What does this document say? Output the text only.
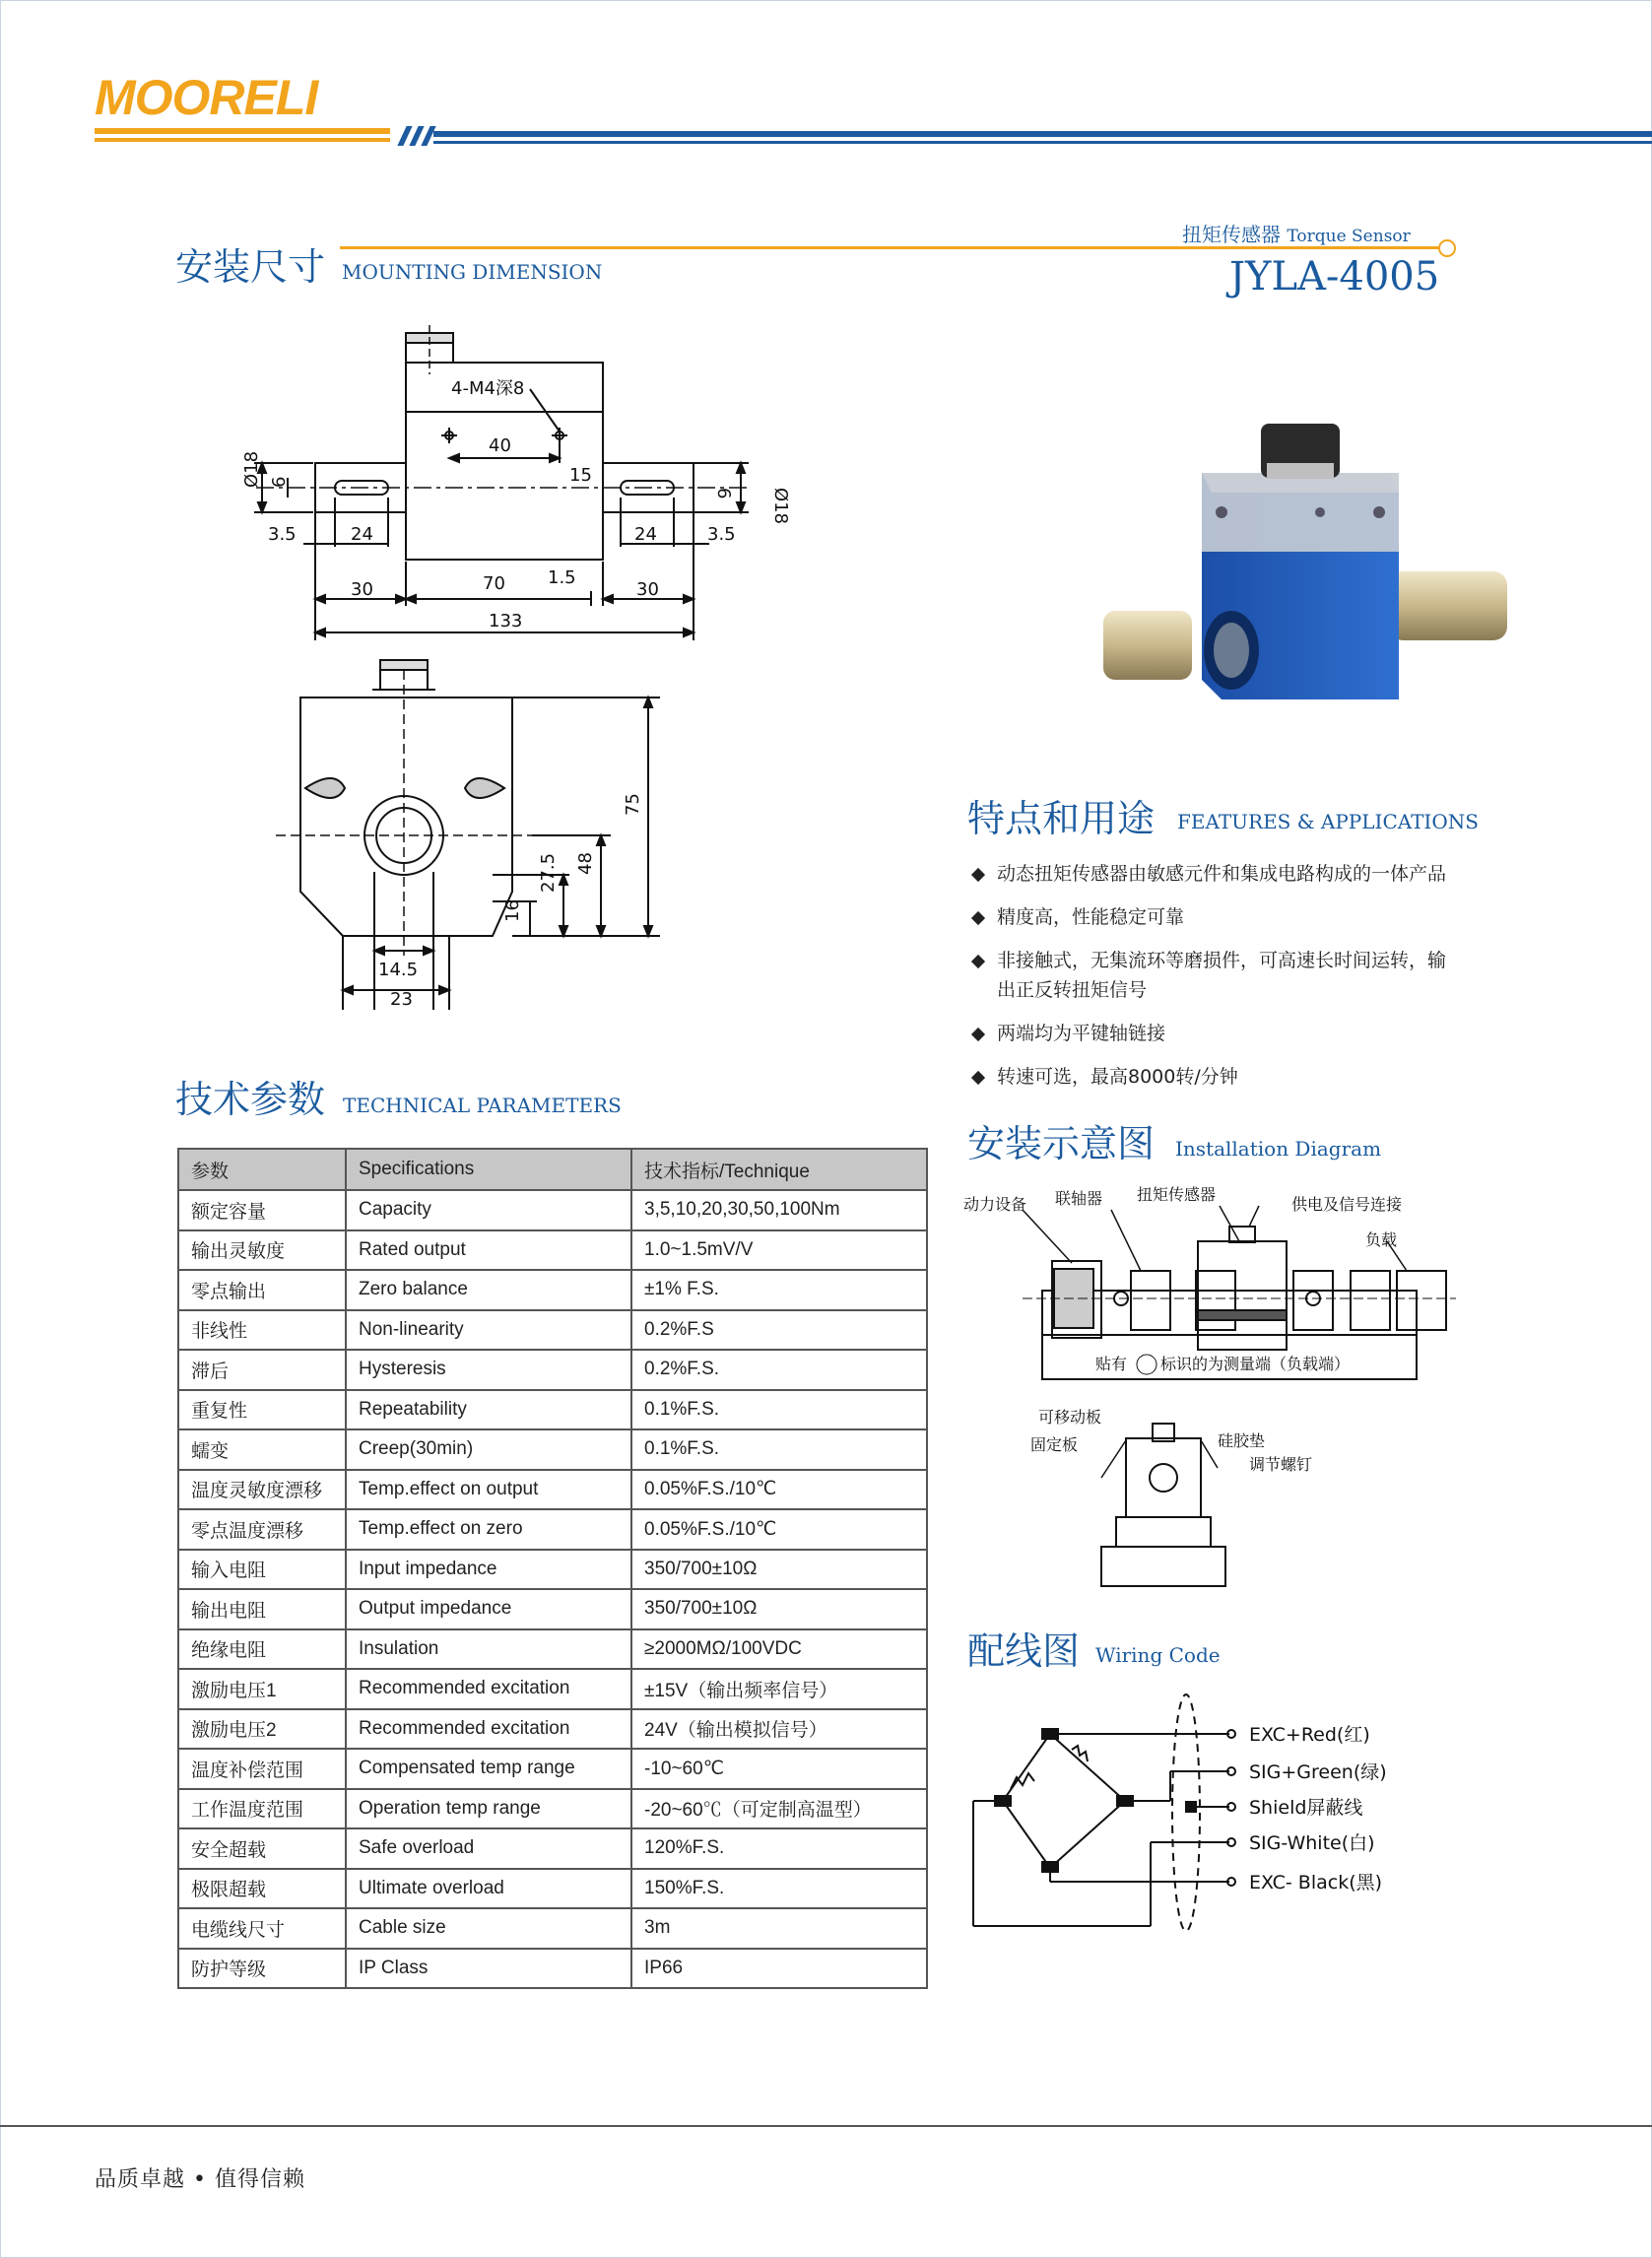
MOORELI
安装尺寸 MOUNTING DIMENSION
扭矩传感器 Torque Sensor
JYLA-4005
4-M4深8
40
15
Ø18 6
Ø18
6
3.5	24	24	3.5
30	70 1.5
30
133
75
48
27.5
16
14.5
23
特点和用途 FEATURES & APPLICATIONS
动态扭矩传感器由敏感元件和集成电路构成的一体产品
精度高，性能稳定可靠
非接触式，无集流环等磨损件，可高速长时间运转，输
出正反转扭矩信号
两端均为平键轴链接
转速可选，最高8000转/分钟
技术参数 TECHNICAL PARAMETERS
参数	Specifications	技术指标/Technique
额定容量	Capacity	3,5,10,20,30,50,100Nm
输出灵敏度	Rated output	1.0~1.5mV/V
零点输出	Zero balance	±1% F.S.
非线性	Non-linearity	0.2%F.S
滞后	Hysteresis	0.2%F.S.
重复性	Repeatability	0.1%F.S.
蠕变	Creep(30min)	0.1%F.S.
温度灵敏度漂移	Temp.effect on output	0.05%F.S./10℃
零点温度漂移	Temp.effect on zero	0.05%F.S./10℃
输入电阻	Input impedance	350/700±10Ω
输出电阻	Output impedance	350/700±10Ω
绝缘电阻	Insulation	≥2000MΩ/100VDC
激励电压1	Recommended excitation	±15V（输出频率信号）
激励电压2	Recommended excitation	24V（输出模拟信号）
温度补偿范围	Compensated temp range	-10~60℃
工作温度范围	Operation temp range	-20~60℃（可定制高温型）
安全超载	Safe overload	120%F.S.
极限超载	Ultimate overload	150%F.S.
电缆线尺寸	Cable size	3m
防护等级	IP Class	IP66
安装示意图 Installation Diagram
动力设备 联轴器 扭矩传感器
供电及信号连接
负载
贴有 标识的为测量端（负载端）
可移动板
固定板	硅胶垫
调节螺钉
配线图 Wiring Code
EXC+Red(红)
SIG+Green(绿)
Shield屏蔽线
SIG-White(白)
EXC- Black(黑)
品质卓越 • 值得信赖
